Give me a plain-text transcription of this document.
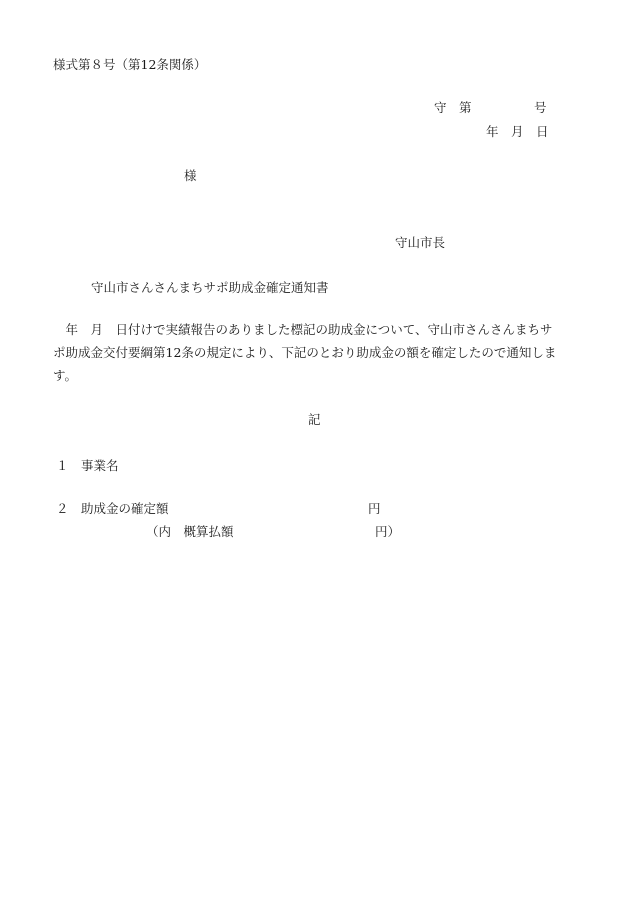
様式第８号（第12条関係）
守　第　　　　　号
年　月　日
様
守山市長
守山市さんさんまちサポ助成金確定通知書
　年　月　日付けで実績報告のありました標記の助成金について、守山市さんさんまちサ
ポ助成金交付要綱第12条の規定により、下記のとおり助成金の額を確定したので通知しま
す。
記
１ 事業名
２ 助成金の確定額	円
（内　概算払額	円）
